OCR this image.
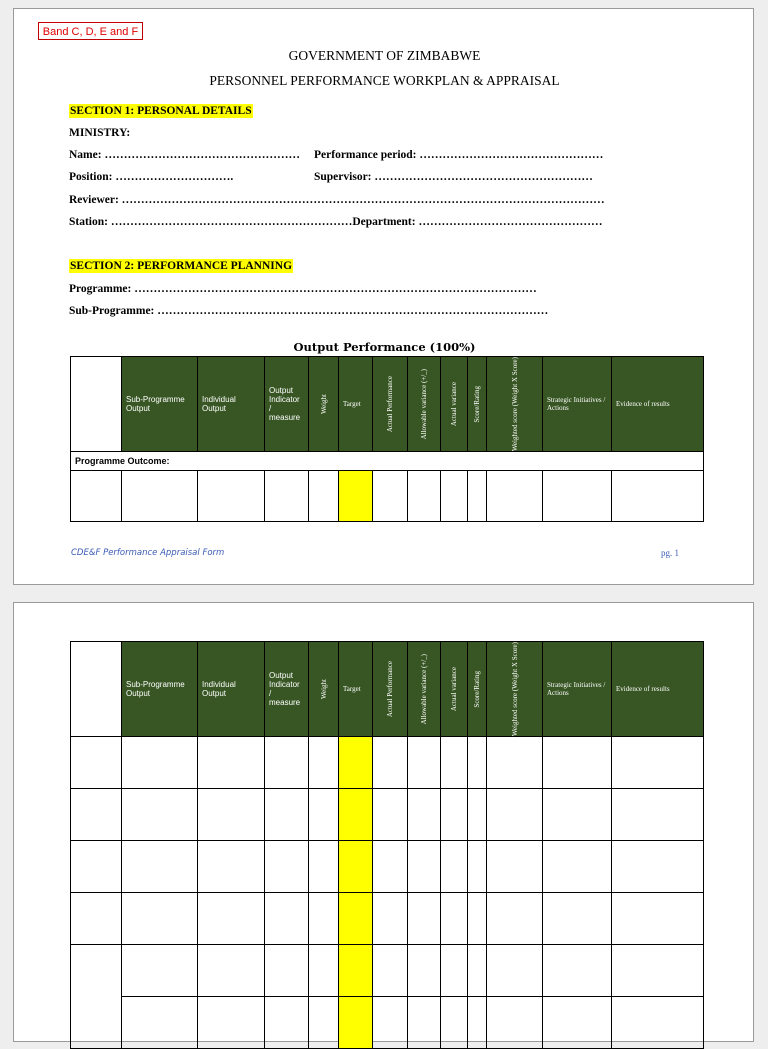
Band C, D, E and F
GOVERNMENT OF ZIMBABWE
PERSONNEL PERFORMANCE WORKPLAN & APPRAISAL
SECTION 1: PERSONAL DETAILS
MINISTRY:
Name: …………………………………………… Performance period: …………………………………………
Position: ………………………….	Supervisor: …………………………………………………
Reviewer: ………………………………………………………………………………………………………………
Station: ………………………………………………………Department: …………………………………………
SECTION 2: PERFORMANCE PLANNING
Programme: ……………………………………………………………………………………………
Sub-Programme: …………………………………………………………………………………………
Output Performance (100%)
	Sub-Programme Output	Individual Output	Output Indicator / measure	Weight	Target	Actual Performance	Allowable variance (+/_)	Actual variance	Score/Rating	Weighted score (Weight X Score)	Strategic Initiatives / Actions	Evidence of results
Programme Outcome:												

CDE&F Performance Appraisal Form	pg. 1
	Sub-Programme Output	Individual Output	Output Indicator / measure	Weight	Target	Actual Performance	Allowable variance (+/_)	Actual variance	Score/Rating	Weighted score (Weight X Score)	Strategic Initiatives / Actions	Evidence of results
